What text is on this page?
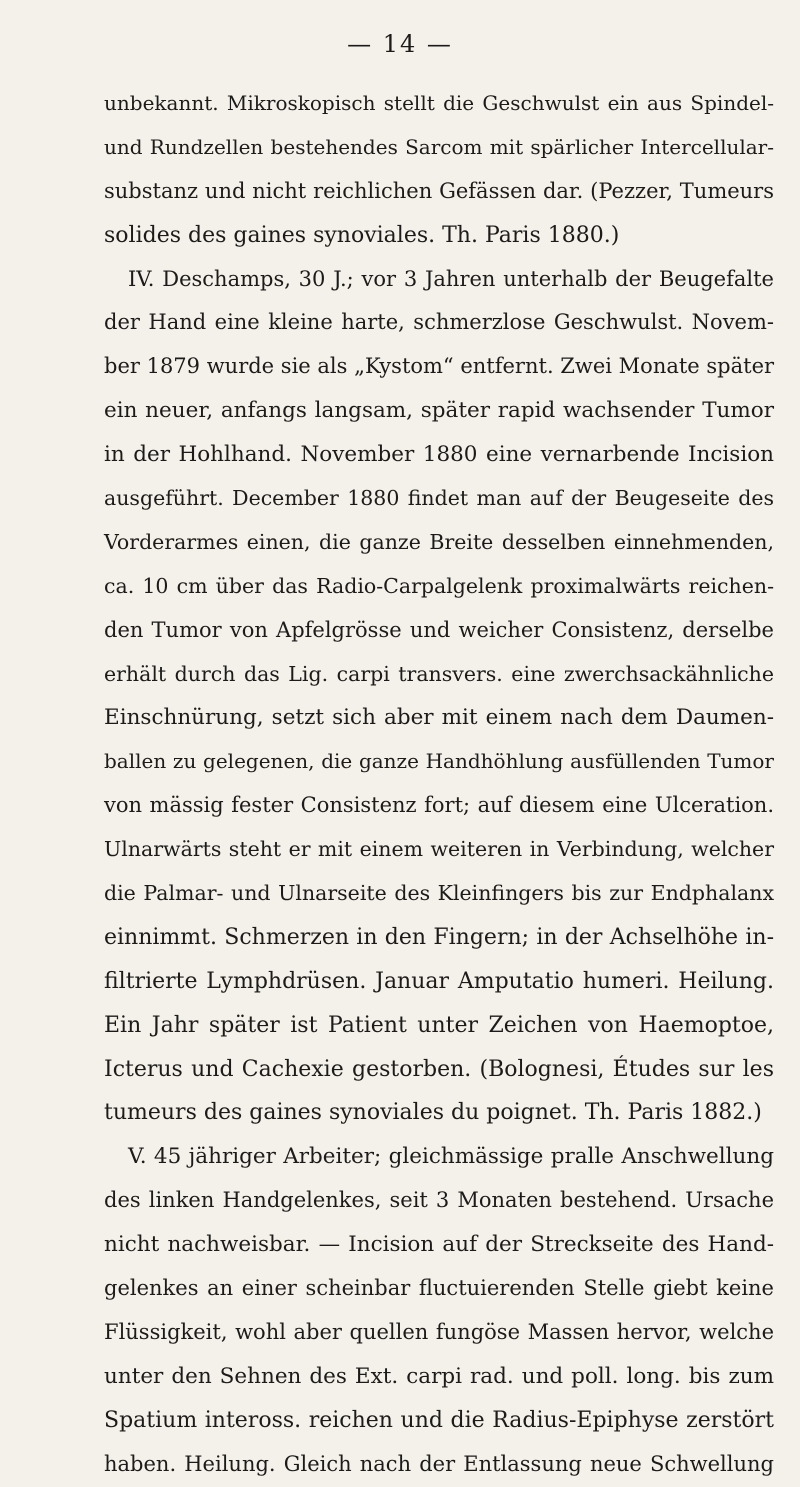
— 14 —
unbekannt. Mikroskopisch stellt die Geschwulst ein aus Spindel-
und Rundzellen bestehendes Sarcom mit spärlicher Intercellular-
substanz und nicht reichlichen Gefässen dar. (Pezzer, Tumeurs
solides des gaines synoviales. Th. Paris 1880.)
IV. Deschamps, 30 J.; vor 3 Jahren unterhalb der Beugefalte
der Hand eine kleine harte, schmerzlose Geschwulst. Novem-
ber 1879 wurde sie als „Kystom“ entfernt. Zwei Monate später
ein neuer, anfangs langsam, später rapid wachsender Tumor
in der Hohlhand. November 1880 eine vernarbende Incision
ausgeführt. December 1880 findet man auf der Beugeseite des
Vorderarmes einen, die ganze Breite desselben einnehmenden,
ca. 10 cm über das Radio-Carpalgelenk proximalwärts reichen-
den Tumor von Apfelgrösse und weicher Consistenz, derselbe
erhält durch das Lig. carpi transvers. eine zwerchsackähnliche
Einschnürung, setzt sich aber mit einem nach dem Daumen-
ballen zu gelegenen, die ganze Handhöhlung ausfüllenden Tumor
von mässig fester Consistenz fort; auf diesem eine Ulceration.
Ulnarwärts steht er mit einem weiteren in Verbindung, welcher
die Palmar- und Ulnarseite des Kleinfingers bis zur Endphalanx
einnimmt. Schmerzen in den Fingern; in der Achselhöhe in-
filtrierte Lymphdrüsen. Januar Amputatio humeri. Heilung.
Ein Jahr später ist Patient unter Zeichen von Haemoptoe,
Icterus und Cachexie gestorben. (Bolognesi, Études sur les
tumeurs des gaines synoviales du poignet. Th. Paris 1882.)
V. 45 jähriger Arbeiter; gleichmässige pralle Anschwellung
des linken Handgelenkes, seit 3 Monaten bestehend. Ursache
nicht nachweisbar. — Incision auf der Streckseite des Hand-
gelenkes an einer scheinbar fluctuierenden Stelle giebt keine
Flüssigkeit, wohl aber quellen fungöse Massen hervor, welche
unter den Sehnen des Ext. carpi rad. und poll. long. bis zum
Spatium inteross. reichen und die Radius-Epiphyse zerstört
haben. Heilung. Gleich nach der Entlassung neue Schwellung
